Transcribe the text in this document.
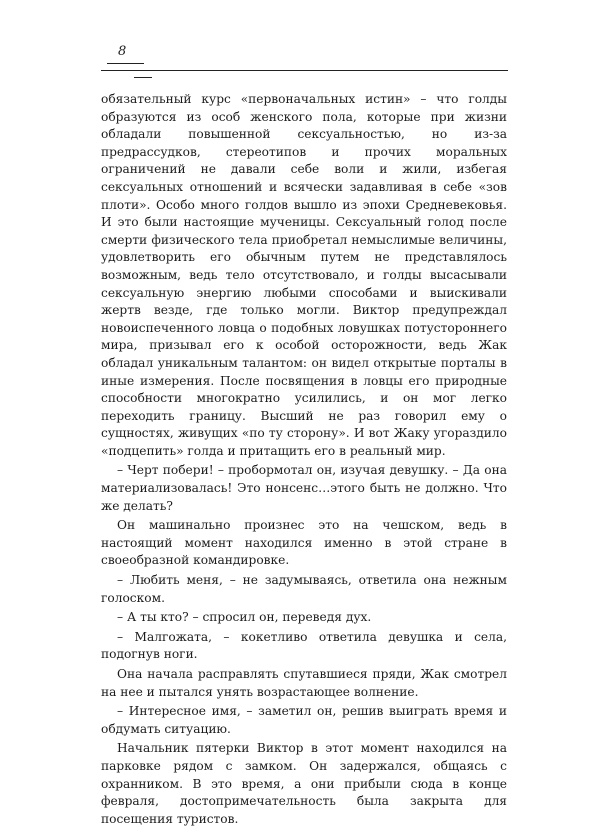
8

обязательный курс «первоначальных истин» – что голды образуются из особ женского пола, которые при жизни обладали повышенной сексуальностью, но из-за предрассудков, стереотипов и прочих моральных ограничений не давали себе воли и жили, избегая сексуальных отношений и всячески задавливая в себе «зов плоти». Особо много голдов вышло из эпохи Средневековья. И это были настоящие мученицы. Сексуальный голод после смерти физического тела приобретал немыслимые величины, удовлетворить его обычным путем не представлялось возможным, ведь тело отсутствовало, и голды высасывали сексуальную энергию любыми способами и выискивали жертв везде, где только могли. Виктор предупреждал новоиспеченного ловца о подобных ловушках потустороннего мира, призывал его к особой осторожности, ведь Жак обладал уникальным талантом: он видел открытые порталы в иные измерения. После посвящения в ловцы его природные способности многократно усилились, и он мог легко переходить границу. Высший не раз говорил ему о сущностях, живущих «по ту сторону». И вот Жаку угораздило «подцепить» голда и притащить его в реальный мир.

– Черт побери! – пробормотал он, изучая девушку. – Да она материализовалась! Это нонсенс…этого быть не должно. Что же делать?

Он машинально произнес это на чешском, ведь в настоящий момент находился именно в этой стране в своеобразной командировке.

– Любить меня, – не задумываясь, ответила она нежным голоском.

– А ты кто? – спросил он, переведя дух.

– Малгожата, – кокетливо ответила девушка и села, подогнув ноги.

Она начала расправлять спутавшиеся пряди, Жак смотрел на нее и пытался унять возрастающее волнение.

– Интересное имя, – заметил он, решив выиграть время и обдумать ситуацию.

Начальник пятерки Виктор в этот момент находился на парковке рядом с замком. Он задержался, общаясь с охранником. В это время, а они прибыли сюда в конце февраля, достопримечательность была закрыта для посещения туристов.
